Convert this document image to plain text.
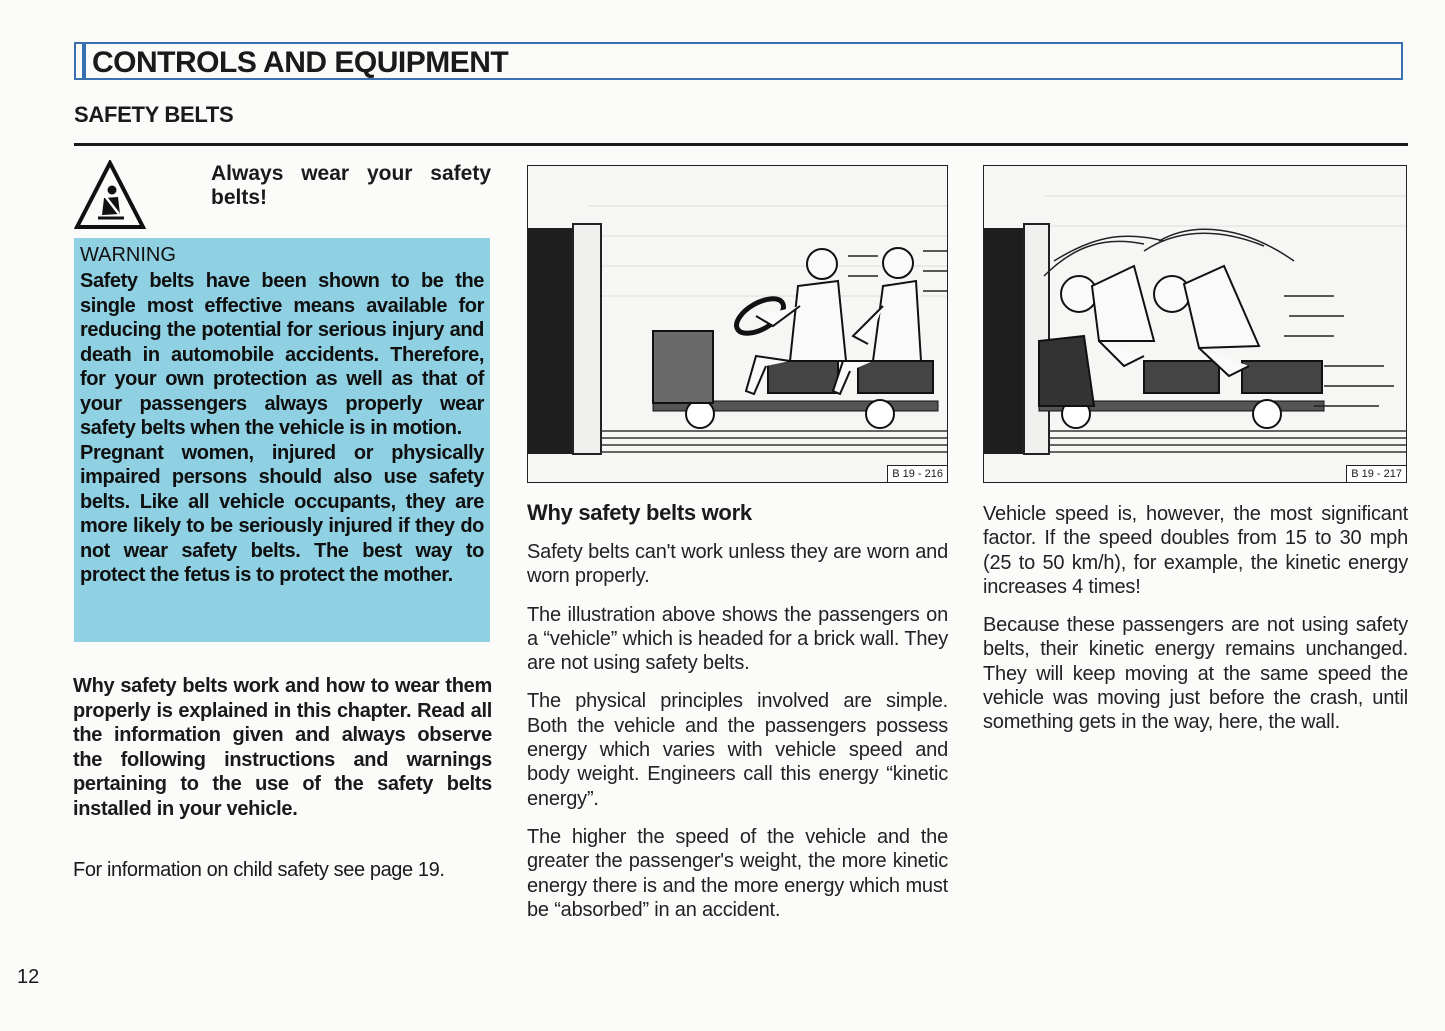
CONTROLS AND EQUIPMENT
SAFETY BELTS
Always wear your safety belts!
WARNING

Safety belts have been shown to be the single most effective means available for reducing the potential for serious injury and death in automobile accidents. Therefore, for your own protection as well as that of your passengers always properly wear safety belts when the vehicle is in motion.

Pregnant women, injured or physically impaired persons should also use safety belts. Like all vehicle occupants, they are more likely to be seriously injured if they do not wear safety belts. The best way to protect the fetus is to protect the mother.

Why safety belts work and how to wear them properly is explained in this chapter. Read all the information given and always observe the following instructions and warnings pertaining to the use of the safety belts installed in your vehicle.
For information on child safety see page 19.
B 19 - 216	B 19 - 217
Why safety belts work

Safety belts can't work unless they are worn and worn properly.

The illustration above shows the passengers on a “vehicle” which is headed for a brick wall. They are not using safety belts.

The physical principles involved are simple. Both the vehicle and the passengers possess energy which varies with vehicle speed and body weight. Engineers call this energy “kinetic energy”.

The higher the speed of the vehicle and the greater the passenger's weight, the more kinetic energy there is and the more energy which must be “absorbed” in an accident.

Vehicle speed is, however, the most significant factor. If the speed doubles from 15 to 30 mph (25 to 50 km/h), for example, the kinetic energy increases 4 times!

Because these passengers are not using safety belts, their kinetic energy remains unchanged. They will keep moving at the same speed the vehicle was moving just before the crash, until something gets in the way, here, the wall.

12
